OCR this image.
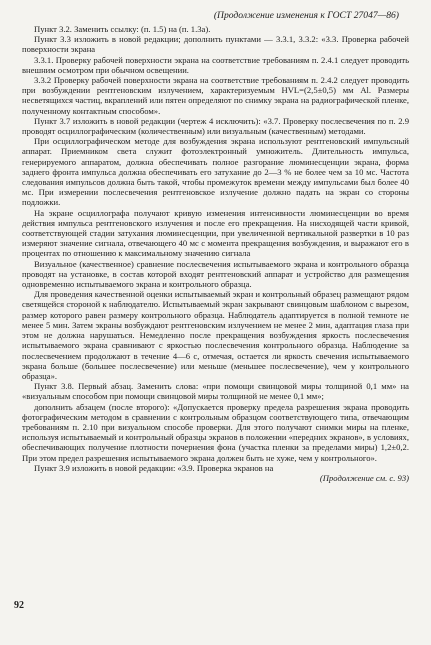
(Продолжение изменения к ГОСТ 27047—86)

Пункт 3.2. Заменить ссылку: (п. 1.5) на (п. 1.3а).

Пункт 3.3 изложить в новой редакции; дополнить пунктами — 3.3.1, 3.3.2: «3.3. Проверка рабочей поверхности экрана

3.3.1. Проверку рабочей поверхности экрана на соответствие требованиям п. 2.4.1 следует проводить внешним осмотром при обычном освещении.

3.3.2 Проверку рабочей поверхности экрана на соответствие требованиям п. 2.4.2 следует проводить при возбуждении рентгеновским излучением, характеризуемым HVL=(2,5±0,5) мм Al. Размеры несветящихся частиц, вкраплений или пятен определяют по снимку экрана на радиографической пленке, полученному контактным способом».

Пункт 3.7 изложить в новой редакции (чертеж 4 исключить): «3.7. Проверку послесвечения по п. 2.9 проводят осциллографическим (количественным) или визуальным (качественным) методами.

При осциллографическом методе для возбуждения экрана используют рентгеновский импульсный аппарат. Приемником света служит фотоэлектронный умножитель. Длительность импульса, генерируемого аппаратом, должна обеспечивать полное разгорание люминесценции экрана, форма заднего фронта импульса должна обеспечивать его затухание до 2—3 % не более чем за 10 мс. Частота следования импульсов должна быть такой, чтобы промежуток времени между импульсами был более 40 мс. При измерении послесвечения рентгеновское излучение должно падать на экран со стороны подложки.

На экране осциллографа получают кривую изменения интенсивности люминесценции во время действия импульса рентгеновского излучения и после его прекращения. На нисходящей части кривой, соответствующей стадии затухания люминесценции, при увеличенной вертикальной развертки в 10 раз измеряют значение сигнала, отвечающего 40 мс с момента прекращения возбуждения, и выражают его в процентах по отношению к максимальному значению сигнала

Визуальное (качественное) сравнение послесвечения испытываемого экрана и контрольного образца проводят на установке, в состав которой входят рентгеновский аппарат и устройство для размещения одновременно испытываемого экрана и контрольного образца.

Для проведения качественной оценки испытываемый экран и контрольный образец размещают рядом светящейся стороной к наблюдателю. Испытываемый экран закрывают свинцовым шаблоном с вырезом, размер которого равен размеру контрольного образца. Наблюдатель адаптируется в полной темноте не менее 5 мин. Затем экраны возбуждают рентгеновским излучением не менее 2 мин, адаптация глаза при этом не должна нарушаться. Немедленно после прекращения возбуждения яркость послесвечения испытываемого экрана сравнивают с яркостью послесвечения контрольного образца. Наблюдение за послесвечением продолжают в течение 4—6 с, отмечая, остается ли яркость свечения испытываемого экрана больше (большее послесвечение) или меньше (меньшее послесвечение), чем у контрольного образца».

Пункт 3.8. Первый абзац. Заменить слова: «при помощи свинцовой миры толщиной 0,1 мм» на «визуальным способом при помощи свинцовой миры толщиной не менее 0,1 мм»;

дополнить абзацем (после второго): «Допускается проверку предела разрешения экрана проводить фотографическим методом в сравнении с контрольным образцом соответствующего типа, отвечающим требованиям п. 2.10 при визуальном способе проверки. Для этого получают снимки миры на пленке, используя испытываемый и контрольный образцы экранов в положении «передних экранов», в условиях, обеспечивающих получение плотности почернения фона (участка пленки за пределами миры) 1,2±0,2. При этом предел разрешения испытываемого экрана должен быть не хуже, чем у контрольного».

Пункт 3.9 изложить в новой редакции: «3.9. Проверка экранов на

(Продолжение см. с. 93)
92
